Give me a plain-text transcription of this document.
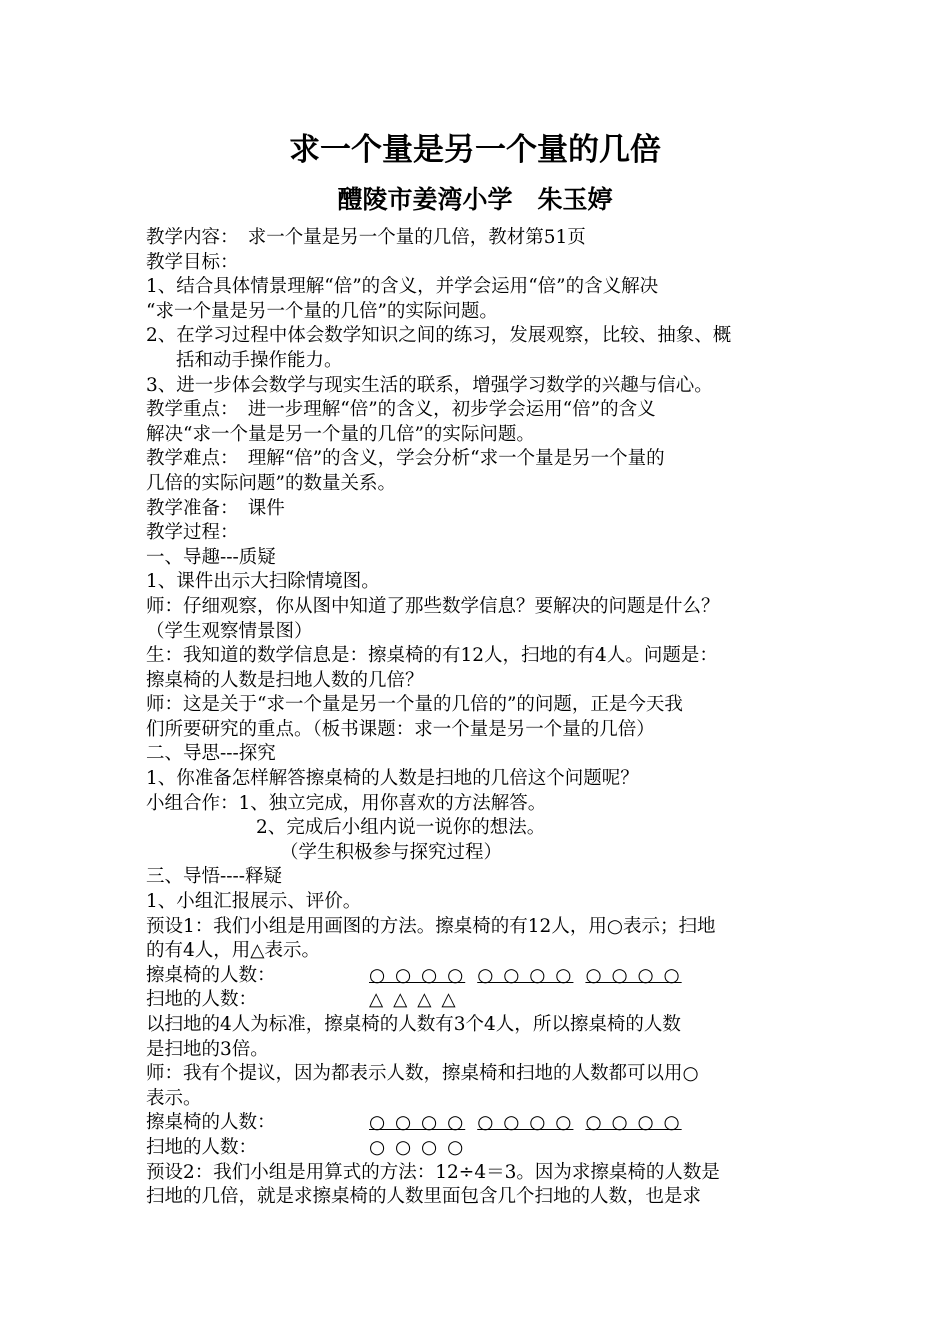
求一个量是另一个量的几倍
醴陵市姜湾小学　朱玉婷
教学内容：　求一个量是另一个量的几倍，教材第51页
教学目标：
1、结合具体情景理解“倍”的含义，并学会运用“倍”的含义解决
“求一个量是另一个量的几倍”的实际问题。
2、在学习过程中体会数学知识之间的练习，发展观察，比较、抽象、概
括和动手操作能力。
3、进一步体会数学与现实生活的联系，增强学习数学的兴趣与信心。
教学重点：　进一步理解“倍”的含义，初步学会运用“倍”的含义
解决“求一个量是另一个量的几倍”的实际问题。
教学难点：　理解“倍”的含义，学会分析“求一个量是另一个量的
几倍的实际问题”的数量关系。
教学准备：　课件
教学过程：
一、导趣---质疑
1、课件出示大扫除情境图。
师：仔细观察，你从图中知道了那些数学信息？要解决的问题是什么？
（学生观察情景图）
生：我知道的数学信息是：擦桌椅的有12人，扫地的有4人。问题是：
擦桌椅的人数是扫地人数的几倍？
师：这是关于“求一个量是另一个量的几倍的”的问题，正是今天我
们所要研究的重点。（板书课题：求一个量是另一个量的几倍）
二、导思---探究
1、你准备怎样解答擦桌椅的人数是扫地的几倍这个问题呢？
小组合作：1、独立完成，用你喜欢的方法解答。
2、完成后小组内说一说你的想法。
（学生积极参与探究过程）
三、导悟----释疑
1、小组汇报展示、评价。
预设1：我们小组是用画图的方法。擦桌椅的有12人，用○表示；扫地
的有4人，用△表示。
擦桌椅的人数：	○ ○ ○ ○ ○ ○ ○ ○ ○ ○ ○ ○
扫地的人数：	△ △ △ △
以扫地的4人为标准，擦桌椅的人数有3个4人，所以擦桌椅的人数
是扫地的3倍。
师：我有个提议，因为都表示人数，擦桌椅和扫地的人数都可以用○
表示。
擦桌椅的人数：	○ ○ ○ ○ ○ ○ ○ ○ ○ ○ ○ ○
扫地的人数：	○ ○ ○ ○
预设2：我们小组是用算式的方法：12÷4＝3。因为求擦桌椅的人数是
扫地的几倍，就是求擦桌椅的人数里面包含几个扫地的人数，也是求
